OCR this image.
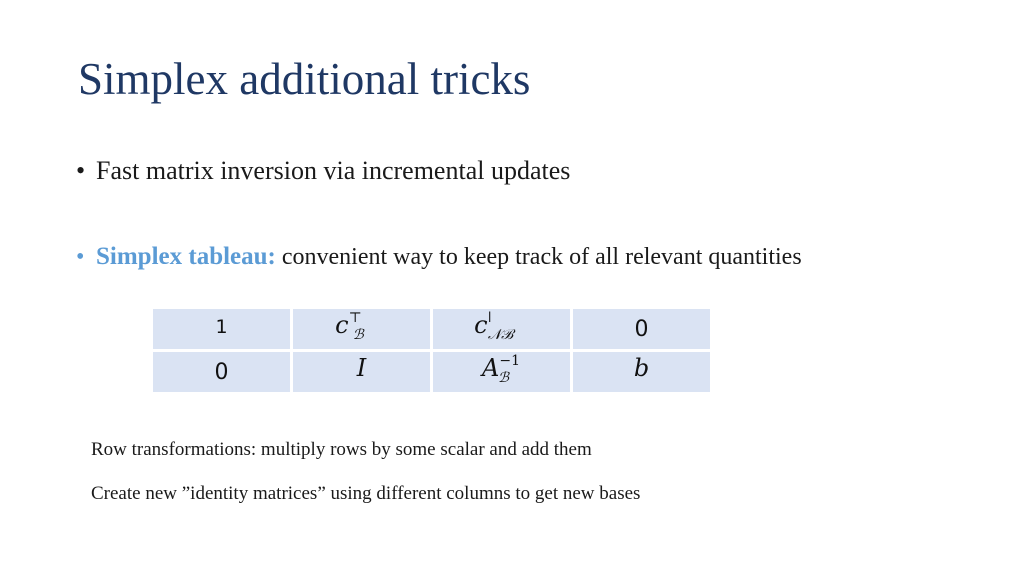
Simplex additional tricks
• Fast matrix inversion via incremental updates
• Simplex tableau: convenient way to keep track of all relevant quantities
1	$c^⊤_ℬ$	$c^ǀ_{𝒩ℬ}$	0
0	I	$A^{-1}_ℬ$	b
Row transformations: multiply rows by some scalar and add them
Create new ”identity matrices” using different columns to get new bases
